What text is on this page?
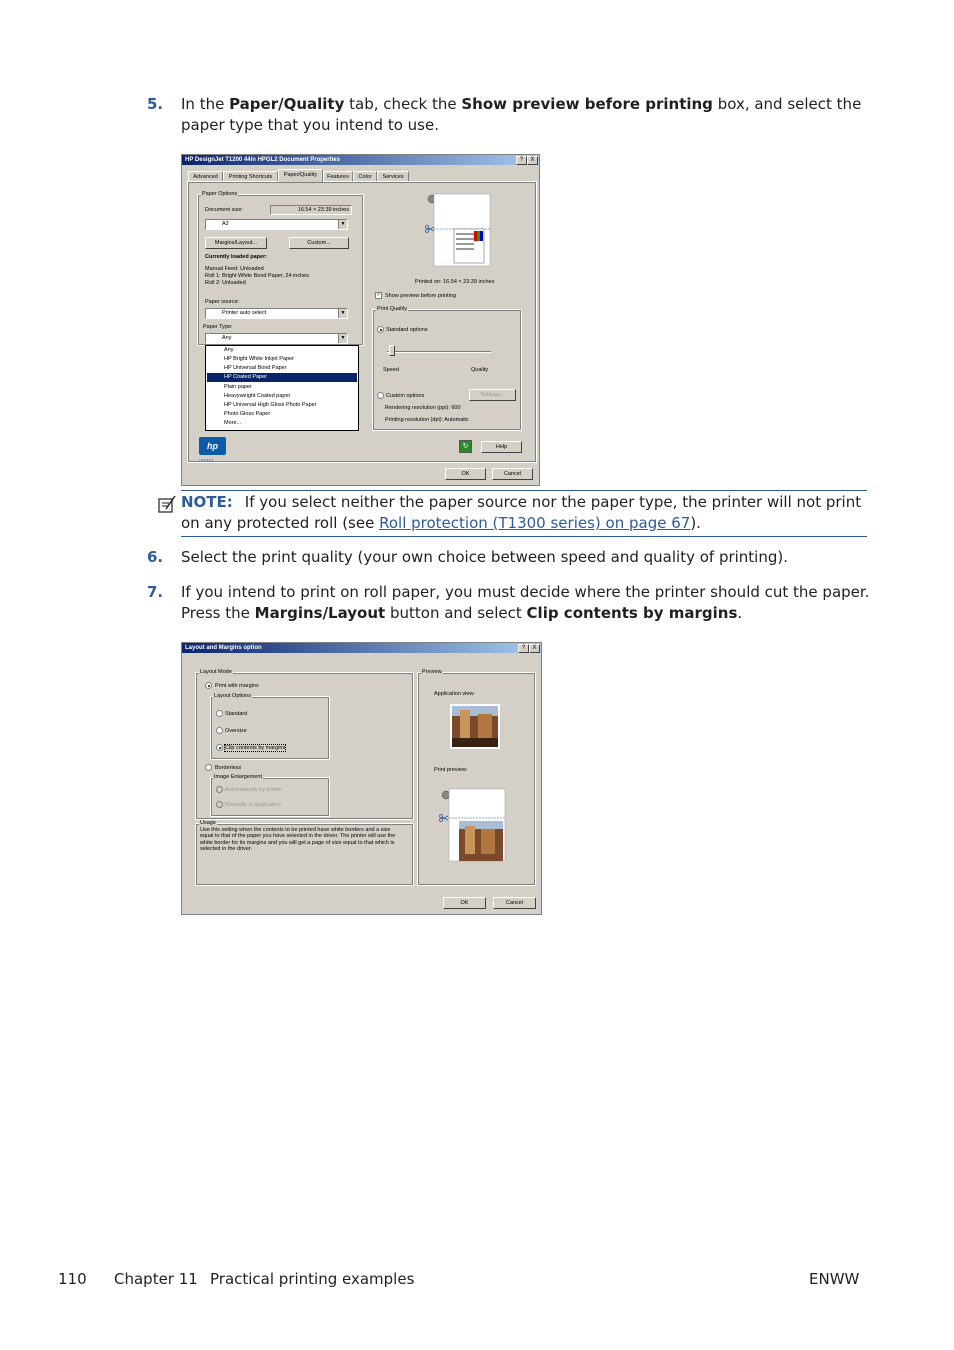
5. In the Paper/Quality tab, check the Show preview before printing box, and select the paper type that you intend to use.
HP DesignJet T1200 44in HPGL2 Document Properties	?	X
Advanced	Printing Shortcuts	Paper/Quality	Features	Color	Services
Paper Options
Document size:	16.54 × 23.39 inches
A2	▼
Margins/Layout...	Custom...
Currently loaded paper:
Manual Feed: Unloaded
Roll 1: Bright White Bond Paper, 24 inches
Roll 2: Unloaded
Paper source:
Printer auto select	▼
Paper Type:
Any	▼
Any
HP Bright White Inkjet Paper
HP Universal Bond Paper
HP Coated Paper
Plain paper
Heavyweight Coated paper
HP Universal High Gloss Photo Paper
Photo Gloss Paper
More...
Printed on: 16.54 × 23.39 inches
✓ Show preview before printing
Print Quality
Standard options
Speed	Quality
Custom options	Settings...
Rendering resolution (ppi): 600
Printing resolution (dpi): Automatic
hp
i n v e n t
↻	Help
OK	Cancel
NOTE: If you select neither the paper source nor the paper type, the printer will not print on any protected roll (see Roll protection (T1300 series) on page 67).
6. Select the print quality (your own choice between speed and quality of printing).
7. If you intend to print on roll paper, you must decide where the printer should cut the paper. Press the Margins/Layout button and select Clip contents by margins.
Layout and Margins option	?	X
Layout Mode
Print with margins
Layout Options
Standard
Oversize
Clip contents by margins
Borderless
Image Enlargement
Automatically by printer
Manually in application
Usage
Use this setting when the contents to be printed have white borders and a size equal to that of the paper you have selected in the driver. The printer will use the white border for its margins and you will get a page of size equal to that which is selected in the driver.
Preview
Application view:
Print preview:
OK	Cancel
110 Chapter 11 Practical printing examples	ENWW
